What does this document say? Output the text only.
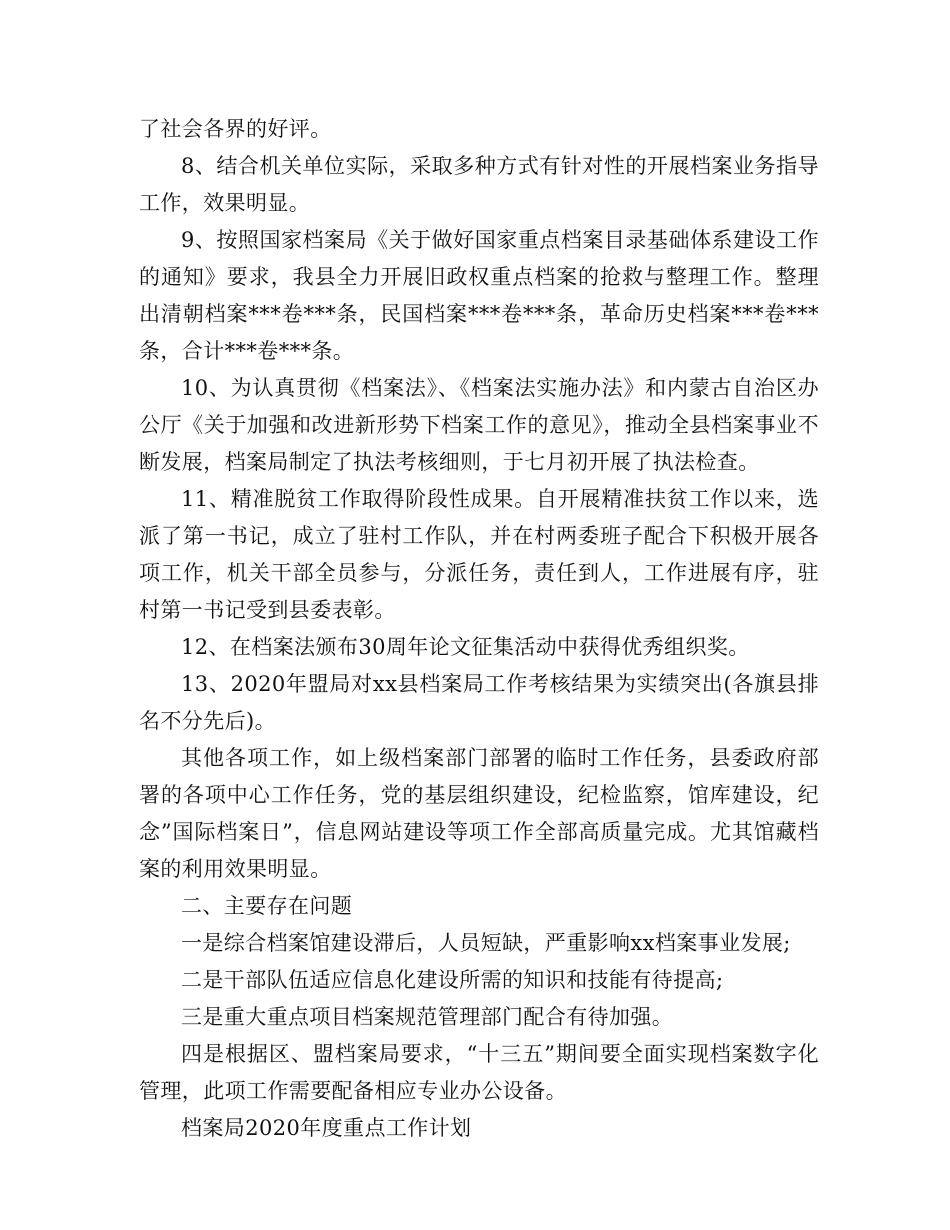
了社会各界的好评。

8、结合机关单位实际，采取多种方式有针对性的开展档案业务指导工作，效果明显。

9、按照国家档案局《关于做好国家重点档案目录基础体系建设工作的通知》要求，我县全力开展旧政权重点档案的抢救与整理工作。整理出清朝档案***卷***条，民国档案***卷***条，革命历史档案***卷***条，合计***卷***条。

10、为认真贯彻《档案法》、《档案法实施办法》和内蒙古自治区办公厅《关于加强和改进新形势下档案工作的意见》，推动全县档案事业不断发展，档案局制定了执法考核细则，于七月初开展了执法检查。

11、精准脱贫工作取得阶段性成果。自开展精准扶贫工作以来，选派了第一书记，成立了驻村工作队，并在村两委班子配合下积极开展各项工作，机关干部全员参与，分派任务，责任到人，工作进展有序，驻村第一书记受到县委表彰。

12、在档案法颁布30周年论文征集活动中获得优秀组织奖。

13、2020年盟局对xx县档案局工作考核结果为实绩突出(各旗县排名不分先后)。

其他各项工作，如上级档案部门部署的临时工作任务，县委政府部署的各项中心工作任务，党的基层组织建设，纪检监察，馆库建设，纪念”国际档案日”，信息网站建设等项工作全部高质量完成。尤其馆藏档案的利用效果明显。

二、主要存在问题

一是综合档案馆建设滞后，人员短缺，严重影响xx档案事业发展;

二是干部队伍适应信息化建设所需的知识和技能有待提高;

三是重大重点项目档案规范管理部门配合有待加强。

四是根据区、盟档案局要求，“十三五”期间要全面实现档案数字化管理，此项工作需要配备相应专业办公设备。

档案局2020年度重点工作计划
